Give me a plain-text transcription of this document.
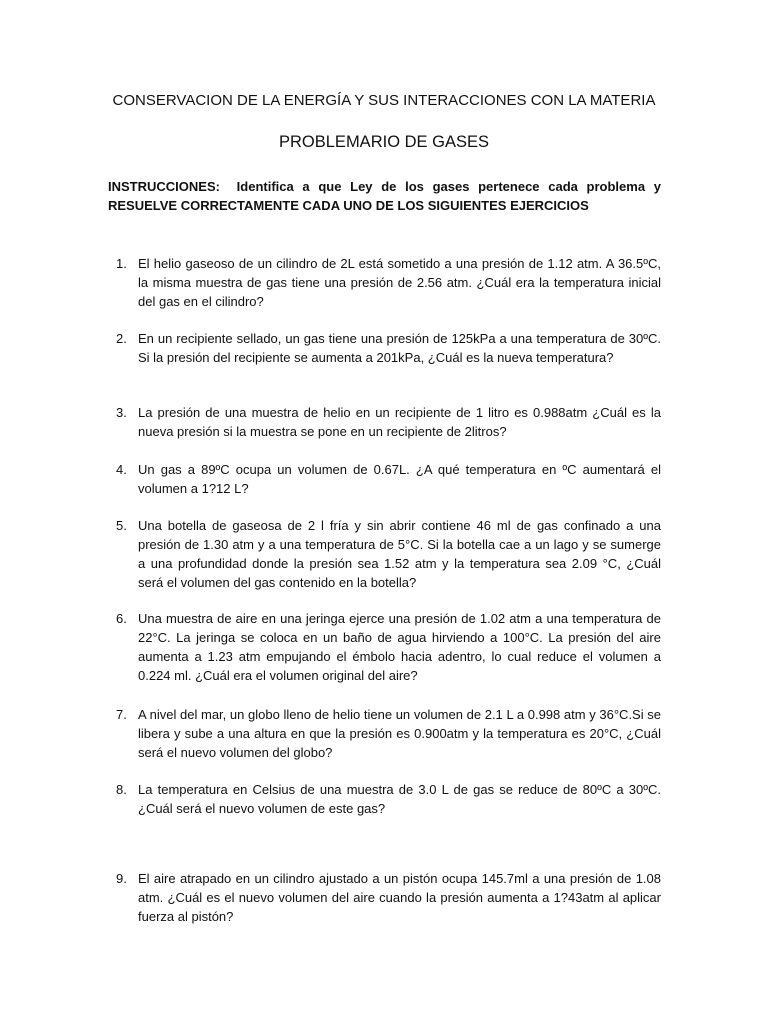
CONSERVACION DE LA ENERGÍA Y SUS INTERACCIONES CON LA MATERIA
PROBLEMARIO DE GASES
INSTRUCCIONES: Identifica a que Ley de los gases pertenece cada problema y RESUELVE CORRECTAMENTE CADA UNO DE LOS SIGUIENTES EJERCICIOS
1. El helio gaseoso de un cilindro de 2L está sometido a una presión de 1.12 atm. A 36.5ºC, la misma muestra de gas tiene una presión de 2.56 atm. ¿Cuál era la temperatura inicial del gas en el cilindro?
2. En un recipiente sellado, un gas tiene una presión de 125kPa a una temperatura de 30ºC. Si la presión del recipiente se aumenta a 201kPa, ¿Cuál es la nueva temperatura?
3. La presión de una muestra de helio en un recipiente de 1 litro es 0.988atm ¿Cuál es la nueva presión si la muestra se pone en un recipiente de 2litros?
4. Un gas a 89ºC ocupa un volumen de 0.67L. ¿A qué temperatura en ºC aumentará el volumen a 1?12 L?
5. Una botella de gaseosa de 2 l fría y sin abrir contiene 46 ml de gas confinado a una presión de 1.30 atm y a una temperatura de 5°C. Si la botella cae a un lago y se sumerge a una profundidad donde la presión sea 1.52 atm y la temperatura sea 2.09 °C, ¿Cuál será el volumen del gas contenido en la botella?
6. Una muestra de aire en una jeringa ejerce una presión de 1.02 atm a una temperatura de 22°C. La jeringa se coloca en un baño de agua hirviendo a 100°C. La presión del aire aumenta a 1.23 atm empujando el émbolo hacia adentro, lo cual reduce el volumen a 0.224 ml. ¿Cuál era el volumen original del aire?
7. A nivel del mar, un globo lleno de helio tiene un volumen de 2.1 L a 0.998 atm y 36°C.Si se libera y sube a una altura en que la presión es 0.900atm y la temperatura es 20°C, ¿Cuál será el nuevo volumen del globo?
8. La temperatura en Celsius de una muestra de 3.0 L de gas se reduce de 80ºC a 30ºC. ¿Cuál será el nuevo volumen de este gas?
9. El aire atrapado en un cilindro ajustado a un pistón ocupa 145.7ml a una presión de 1.08 atm. ¿Cuál es el nuevo volumen del aire cuando la presión aumenta a 1?43atm al aplicar fuerza al pistón?
